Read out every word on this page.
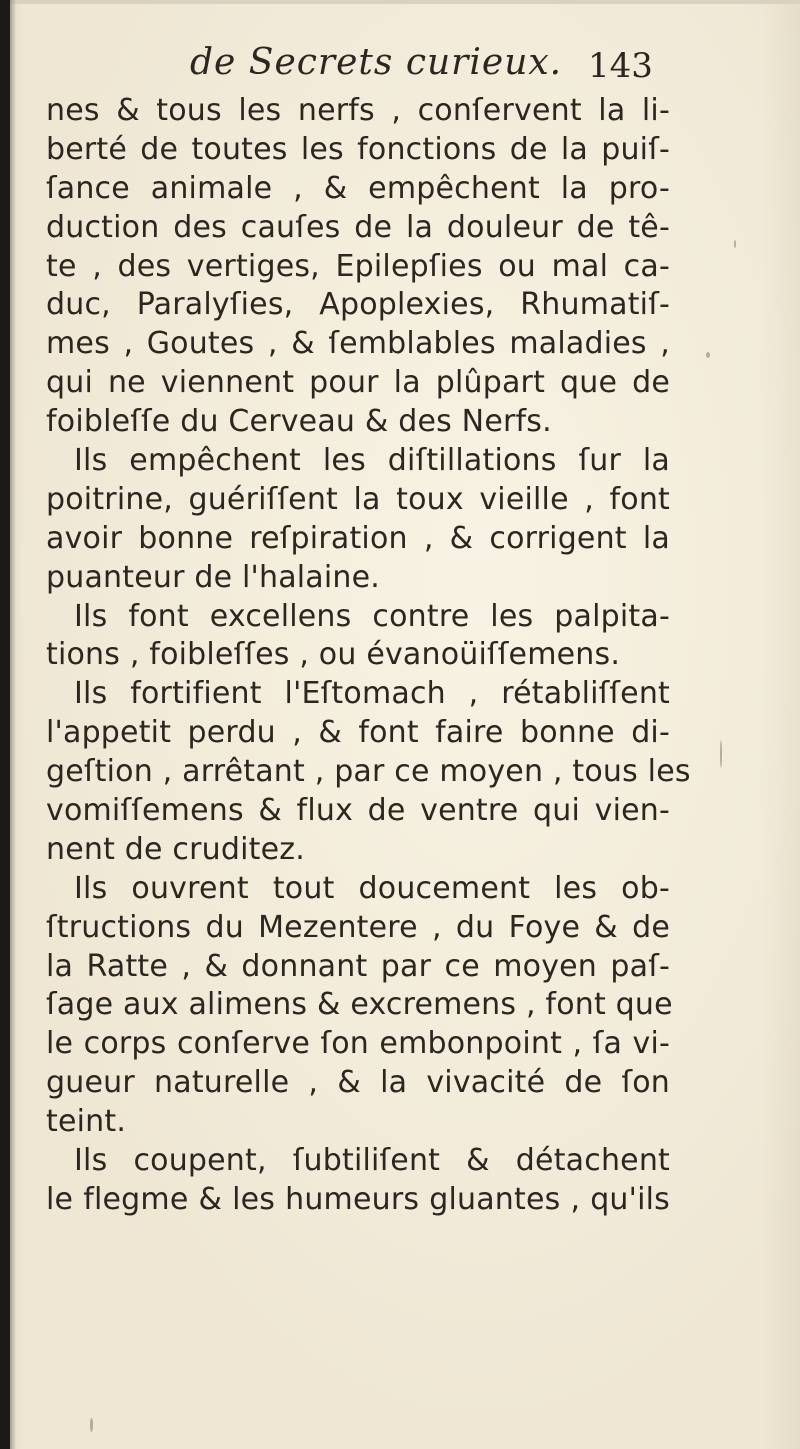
de Secrets curieux. 143
nes & tous les nerfs , conſervent la li-
berté de toutes les fonctions de la puiſ-
ſance animale , & empêchent la pro-
duction des cauſes de la douleur de tê-
te , des vertiges, Epilepſies ou mal ca-
duc, Paralyſies, Apoplexies, Rhumatiſ-
mes , Goutes , & ſemblables maladies ,
qui ne viennent pour la plûpart que de
foibleſſe du Cerveau & des Nerfs.
Ils empêchent les diſtillations ſur la
poitrine, guériſſent la toux vieille , font
avoir bonne reſpiration , & corrigent la
puanteur de l'halaine.
Ils font excellens contre les palpita-
tions , foibleſſes , ou évanoüiſſemens.
Ils fortifient l'Eſtomach , rétabliſſent
l'appetit perdu , & font faire bonne di-
geſtion , arrêtant , par ce moyen , tous les
vomiſſemens & flux de ventre qui vien-
nent de cruditez.
Ils ouvrent tout doucement les ob-
ſtructions du Mezentere , du Foye & de
la Ratte , & donnant par ce moyen paſ-
ſage aux alimens & excremens , font que
le corps conſerve ſon embonpoint , ſa vi-
gueur naturelle , & la vivacité de ſon
teint.
Ils coupent, ſubtiliſent & détachent
le flegme & les humeurs gluantes , qu'ils
